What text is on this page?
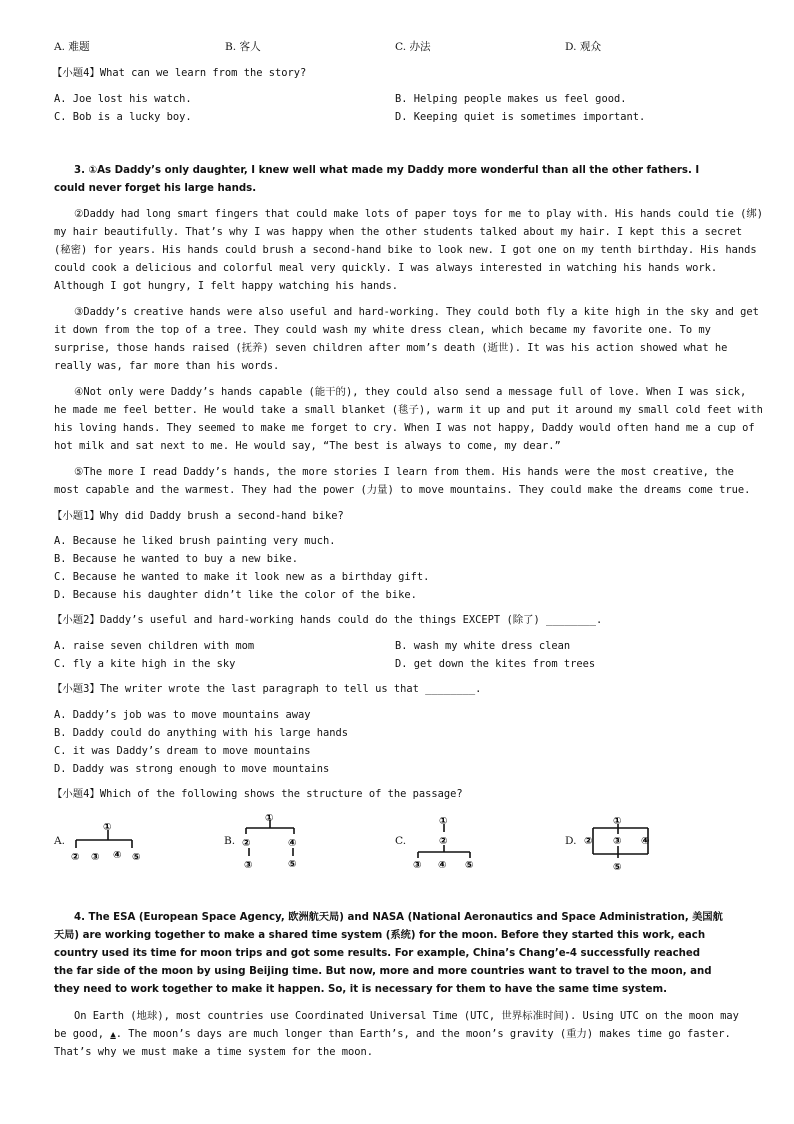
A. 难题	B. 客人	C. 办法	D. 观众
【小题4】What can we learn from the story?
A. Joe lost his watch.	B. Helping people makes us feel good.
C. Bob is a lucky boy.	D. Keeping quiet is sometimes important.
3. ①As Daddy’s only daughter, I knew well what made my Daddy more wonderful than all the other fathers. I
could never forget his large hands.
②Daddy had long smart fingers that could make lots of paper toys for me to play with. His hands could tie (绑)
my hair beautifully. That’s why I was happy when the other students talked about my hair. I kept this a secret
(秘密) for years. His hands could brush a second-hand bike to look new. I got one on my tenth birthday. His hands
could cook a delicious and colorful meal very quickly. I was always interested in watching his hands work.
Although I got hungry, I felt happy watching his hands.
③Daddy’s creative hands were also useful and hard-working. They could both fly a kite high in the sky and get
it down from the top of a tree. They could wash my white dress clean, which became my favorite one. To my
surprise, those hands raised (抚养) seven children after mom’s death (逝世). It was his action showed what he
really was, far more than his words.
④Not only were Daddy’s hands capable (能干的), they could also send a message full of love. When I was sick,
he made me feel better. He would take a small blanket (毯子), warm it up and put it around my small cold feet with
his loving hands. They seemed to make me forget to cry. When I was not happy, Daddy would often hand me a cup of
hot milk and sat next to me. He would say, “The best is always to come, my dear.”
⑤The more I read Daddy’s hands, the more stories I learn from them. His hands were the most creative, the
most capable and the warmest. They had the power (力量) to move mountains. They could make the dreams come true.
【小题1】Why did Daddy brush a second-hand bike?
A. Because he liked brush painting very much.
B. Because he wanted to buy a new bike.
C. Because he wanted to make it look new as a birthday gift.
D. Because his daughter didn’t like the color of the bike.
【小题2】Daddy’s useful and hard-working hands could do the things EXCEPT (除了) ________.
A. raise seven children with mom	B. wash my white dress clean
C. fly a kite high in the sky	D. get down the kites from trees
【小题3】The writer wrote the last paragraph to tell us that ________.
A. Daddy’s job was to move mountains away
B. Daddy could do anything with his large hands
C. it was Daddy’s dream to move mountains
D. Daddy was strong enough to move mountains
【小题4】Which of the following shows the structure of the passage?
A.
①
② ③ ④ ⑤
B.
①
②	④
③	⑤
C.
①
②
③ ④ ⑤
D.
①
② ③ ④
⑤
4. The ESA (European Space Agency, 欧洲航天局) and NASA (National Aeronautics and Space Administration, 美国航
天局) are working together to make a shared time system (系统) for the moon. Before they started this work, each
country used its time for moon trips and got some results. For example, China’s Chang’e-4 successfully reached
the far side of the moon by using Beijing time. But now, more and more countries want to travel to the moon, and
they need to work together to make it happen. So, it is necessary for them to have the same time system.
On Earth (地球), most countries use Coordinated Universal Time (UTC, 世界标准时间). Using UTC on the moon may
be good, ▲. The moon’s days are much longer than Earth’s, and the moon’s gravity (重力) makes time go faster.
That’s why we must make a time system for the moon.
